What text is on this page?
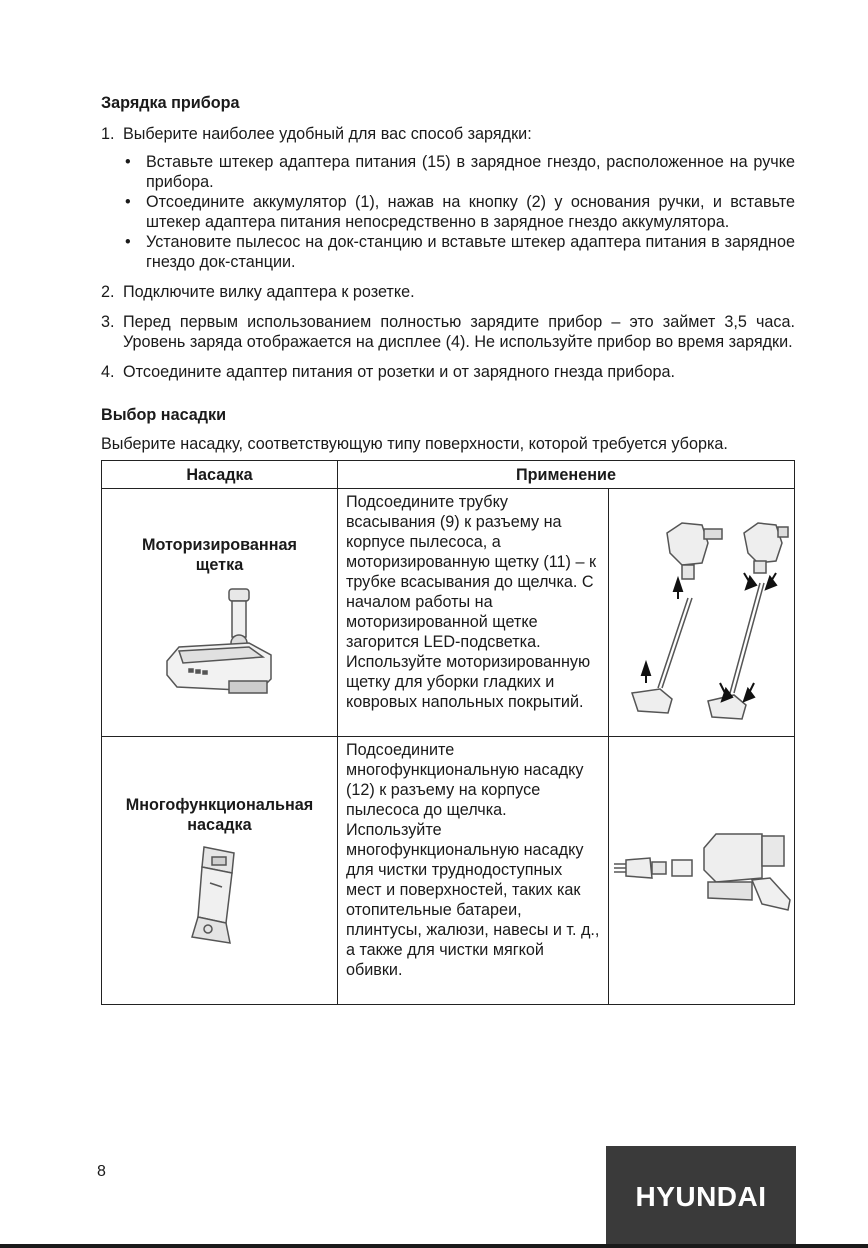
Зарядка прибора
1. Выберите наиболее удобный для вас способ зарядки:
• Вставьте штекер адаптера питания (15) в зарядное гнездо, расположенное на ручке прибора.
• Отсоедините аккумулятор (1), нажав на кнопку (2) у основания ручки, и вставьте штекер адаптера питания непосредственно в зарядное гнездо аккумулятора.
• Установите пылесос на док-станцию и вставьте штекер адаптера питания в зарядное гнездо док-станции.
2. Подключите вилку адаптера к розетке.
3. Перед первым использованием полностью зарядите прибор – это займет 3,5 часа. Уровень заряда отображается на дисплее (4). Не используйте прибор во время зарядки.
4. Отсоедините адаптер питания от розетки и от зарядного гнезда прибора.
Выбор насадки

Выберите насадку, соответствующую типу поверхности, которой требуется уборка.

Насадка	Применение	

Моторизированная щетка	Подсоедините трубку всасывания (9) к разъему на корпусе пылесоса, а моторизированную щетку (11) – к трубке всасывания до щелчка. С началом работы на моторизированной щетке загорится LED-подсветка. Используйте моторизированную щетку для уборки гладких и ковровых напольных покрытий.

Многофункциональная насадка	Подсоедините многофункциональную насадку (12) к разъему на корпусе пылесоса до щелчка. Используйте многофункциональную насадку для чистки труднодоступных мест и поверхностей, таких как отопительные батареи, плинтусы, жалюзи, навесы и т. д., а также для чистки мягкой обивки.

8
HYUNDAI
